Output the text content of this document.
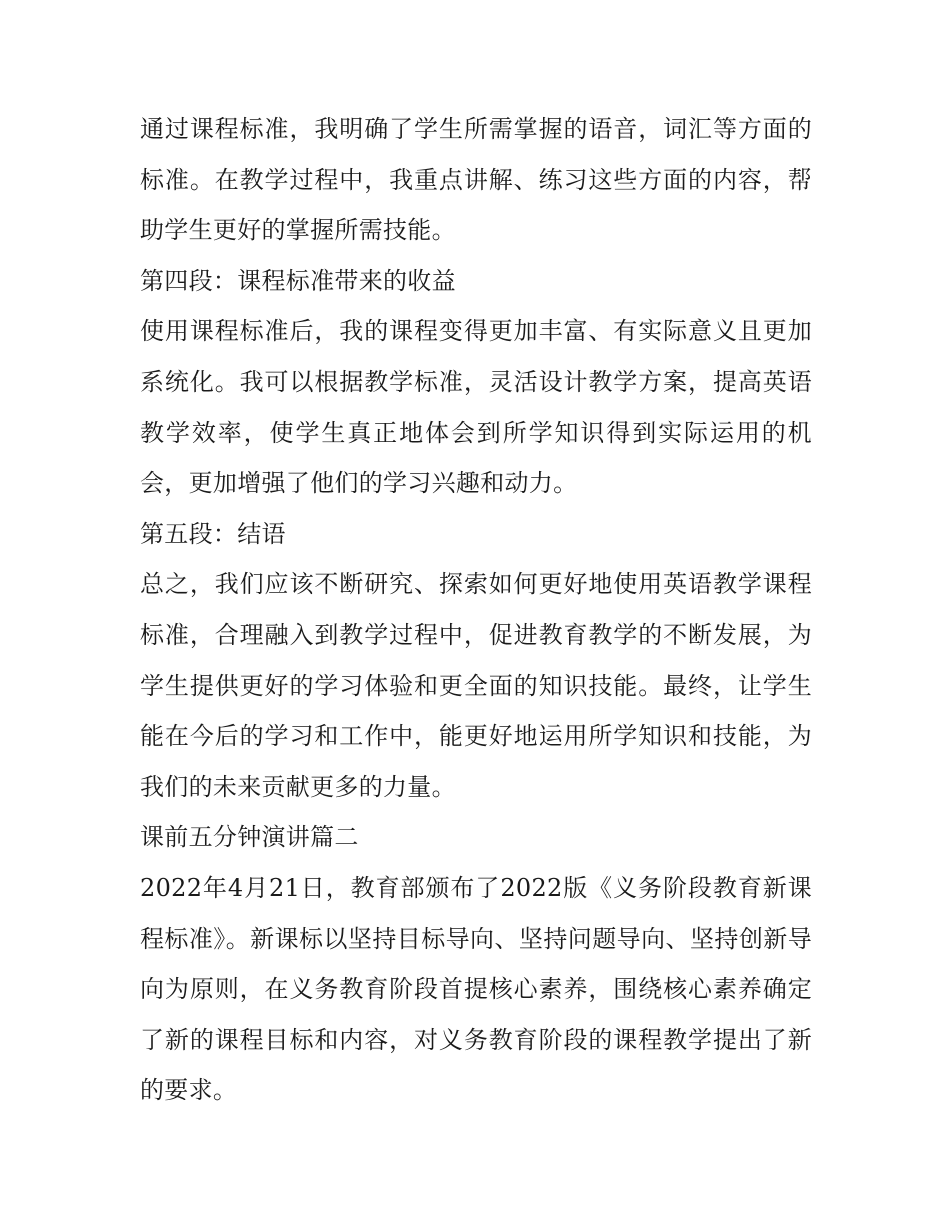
通过课程标准，我明确了学生所需掌握的语音，词汇等方面的标准。在教学过程中，我重点讲解、练习这些方面的内容，帮助学生更好的掌握所需技能。

第四段：课程标准带来的收益

使用课程标准后，我的课程变得更加丰富、有实际意义且更加系统化。我可以根据教学标准，灵活设计教学方案，提高英语教学效率，使学生真正地体会到所学知识得到实际运用的机会，更加增强了他们的学习兴趣和动力。

第五段：结语

总之，我们应该不断研究、探索如何更好地使用英语教学课程标准，合理融入到教学过程中，促进教育教学的不断发展，为学生提供更好的学习体验和更全面的知识技能。最终，让学生能在今后的学习和工作中，能更好地运用所学知识和技能，为我们的未来贡献更多的力量。

课前五分钟演讲篇二

2022年4月21日，教育部颁布了2022版《义务阶段教育新课程标准》。新课标以坚持目标导向、坚持问题导向、坚持创新导向为原则，在义务教育阶段首提核心素养，围绕核心素养确定了新的课程目标和内容，对义务教育阶段的课程教学提出了新的要求。
